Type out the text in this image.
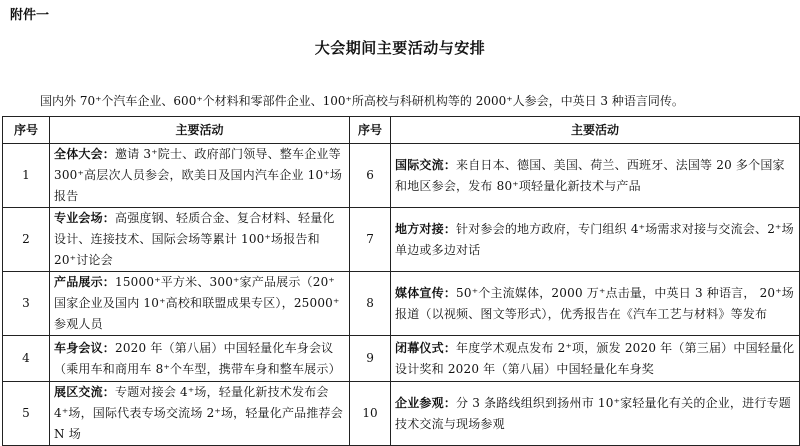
附件一
大会期间主要活动与安排
国内外 70⁺个汽车企业、600⁺个材料和零部件企业、100⁺所高校与科研机构等的 2000⁺人参会，中英日 3 种语言同传。
序号	主要活动	序号	主要活动
1	全体大会：邀请 3⁺院士、政府部门领导、整车企业等 300⁺高层次人员参会，欧美日及国内汽车企业 10⁺场报告	6	国际交流：来自日本、德国、美国、荷兰、西班牙、法国等 20 多个国家和地区参会，发布 80⁺项轻量化新技术与产品
2	专业会场：高强度钢、轻质合金、复合材料、轻量化设计、连接技术、国际会场等累计 100⁺场报告和 20⁺讨论会	7	地方对接：针对参会的地方政府，专门组织 4⁺场需求对接与交流会、2⁺场单边或多边对话
3	产品展示：15000⁺平方米、300⁺家产品展示（20⁺国家企业及国内 10⁺高校和联盟成果专区），25000⁺参观人员	8	媒体宣传：50⁺个主流媒体，2000 万⁺点击量，中英日 3 种语言， 20⁺场报道（以视频、图文等形式），优秀报告在《汽车工艺与材料》等发布
4	车身会议：2020 年（第八届）中国轻量化车身会议（乘用车和商用车 8⁺个车型，携带车身和整车展示）	9	闭幕仪式：年度学术观点发布 2⁺项，颁发 2020 年（第三届）中国轻量化设计奖和 2020 年（第八届）中国轻量化车身奖
5	展区交流：专题对接会 4⁺场，轻量化新技术发布会 4⁺场，国际代表专场交流场 2⁺场，轻量化产品推荐会 N 场	10	企业参观：分 3 条路线组织到扬州市 10⁺家轻量化有关的企业，进行专题技术交流与现场参观
